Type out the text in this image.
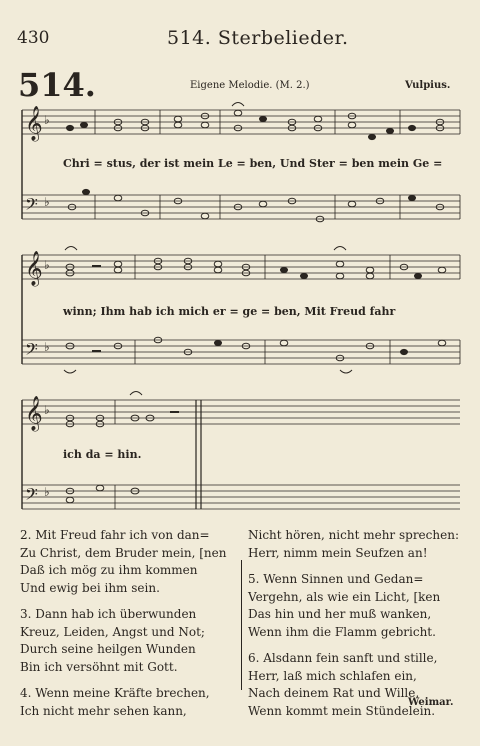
430	514. Sterbelieder.
514.	Eigene Melodie. (M. 2.)	Vulpius.
𝄞
𝄢
𝄞
𝄢
𝄞
𝄢
♭
♭
♭
♭
♭
♭
Chri = stus, der ist mein Le = ben, Und Ster = ben mein Ge =
winn; Ihm hab ich mich er = ge = ben, Mit Freud fahr
ich da = hin.
2. Mit Freud fahr ich von dan=
Zu Christ, dem Bruder mein, [nen
Daß ich mög zu ihm kommen
Und ewig bei ihm sein.
3. Dann hab ich überwunden
Kreuz, Leiden, Angst und Not;
Durch seine heilgen Wunden
Bin ich versöhnt mit Gott.
4. Wenn meine Kräfte brechen,
Ich nicht mehr sehen kann,
Nicht hören, nicht mehr sprechen:
Herr, nimm mein Seufzen an!
5. Wenn Sinnen und Gedan=
Vergehn, als wie ein Licht, [ken
Das hin und her muß wanken,
Wenn ihm die Flamm gebricht.
6. Alsdann fein sanft und stille,
Herr, laß mich schlafen ein,
Nach deinem Rat und Wille,
Wenn kommt mein Stündelein.
Weimar.
